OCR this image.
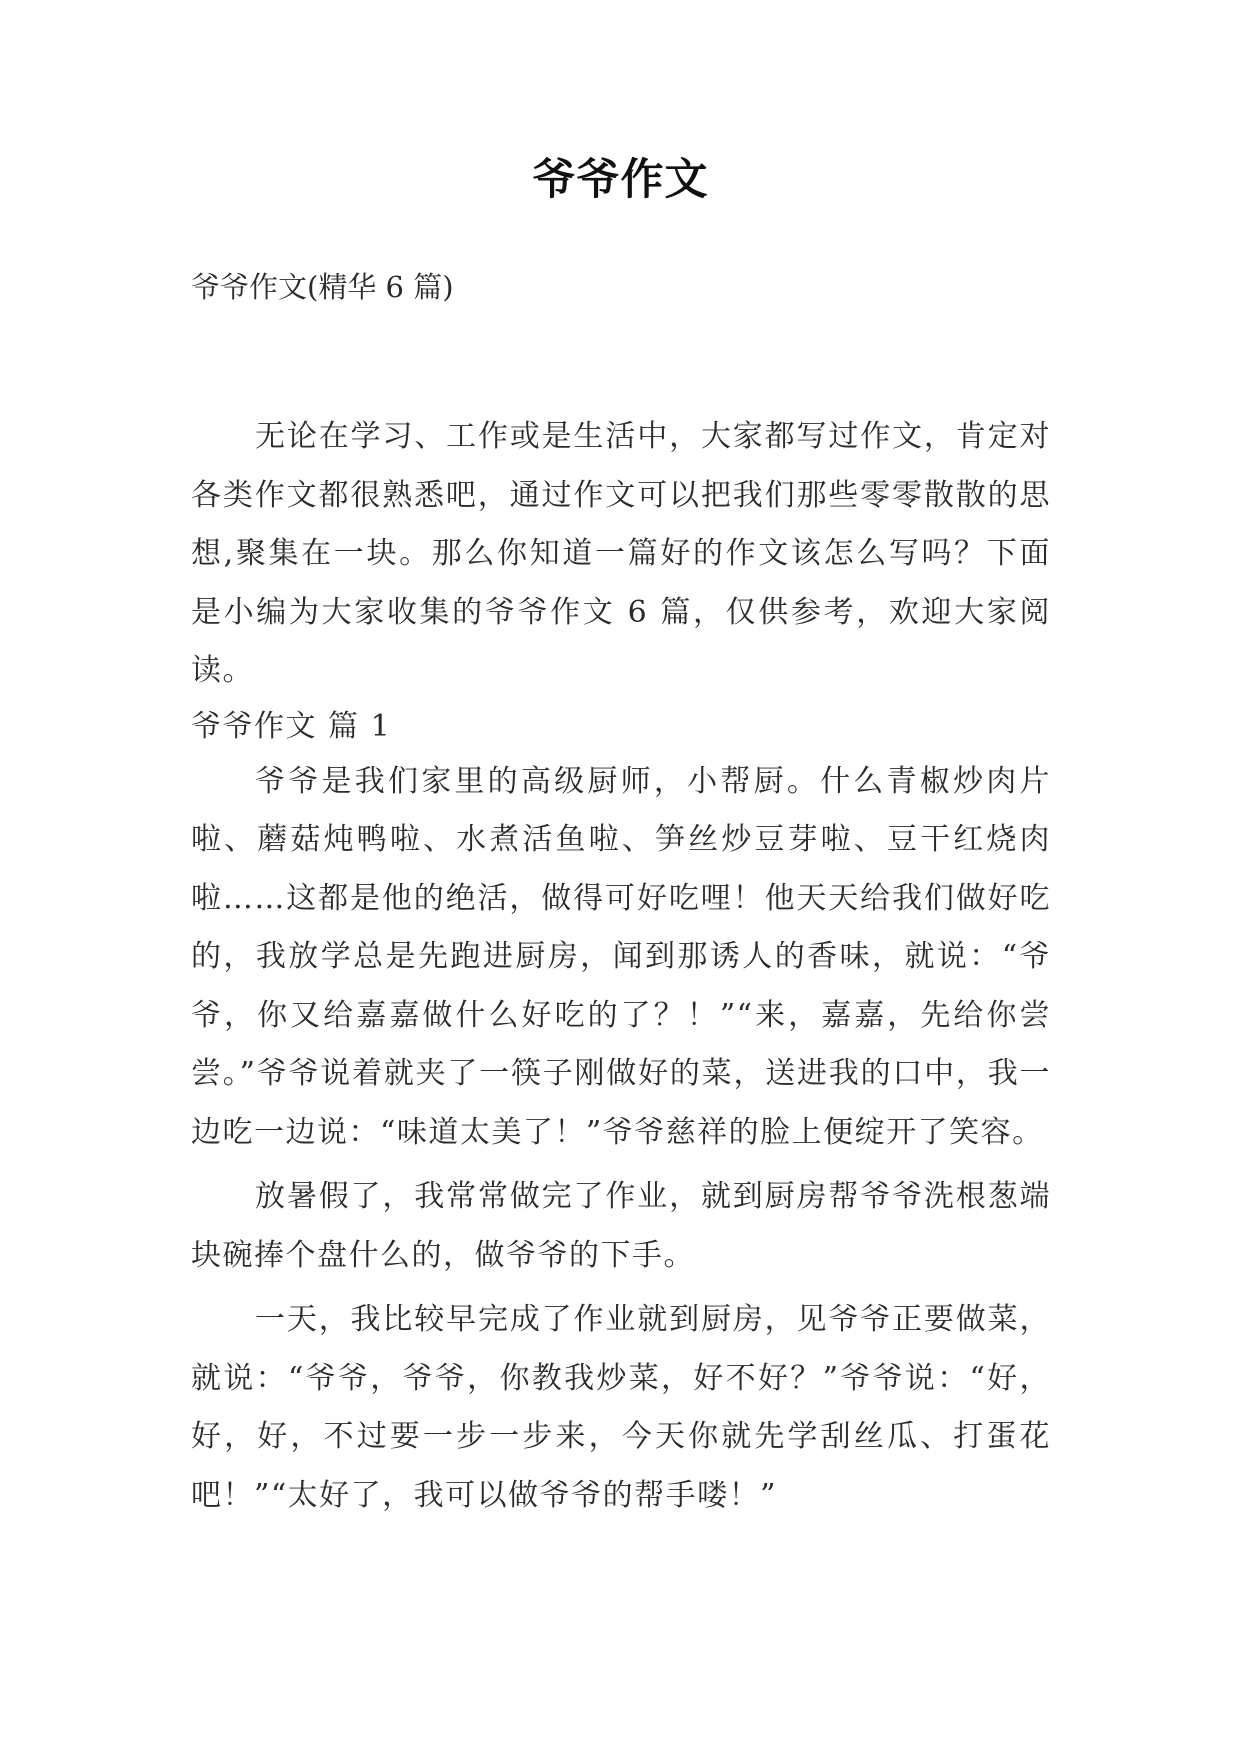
爷爷作文

爷爷作文(精华 6 篇)

无论在学习、工作或是生活中，大家都写过作文，肯定对各类作文都很熟悉吧，通过作文可以把我们那些零零散散的思想,聚集在一块。那么你知道一篇好的作文该怎么写吗？下面是小编为大家收集的爷爷作文 6 篇，仅供参考，欢迎大家阅读。

爷爷作文 篇 1

爷爷是我们家里的高级厨师，小帮厨。什么青椒炒肉片啦、蘑菇炖鸭啦、水煮活鱼啦、笋丝炒豆芽啦、豆干红烧肉啦……这都是他的绝活，做得可好吃哩！他天天给我们做好吃的，我放学总是先跑进厨房，闻到那诱人的香味，就说：“爷爷，你又给嘉嘉做什么好吃的了？！”“来，嘉嘉，先给你尝尝。”爷爷说着就夹了一筷子刚做好的菜，送进我的口中，我一边吃一边说：“味道太美了！”爷爷慈祥的脸上便绽开了笑容。

放暑假了，我常常做完了作业，就到厨房帮爷爷洗根葱端块碗捧个盘什么的，做爷爷的下手。

一天，我比较早完成了作业就到厨房，见爷爷正要做菜，就说：“爷爷，爷爷，你教我炒菜，好不好？”爷爷说：“好，好，好，不过要一步一步来，今天你就先学刮丝瓜、打蛋花吧！”“太好了，我可以做爷爷的帮手喽！”
